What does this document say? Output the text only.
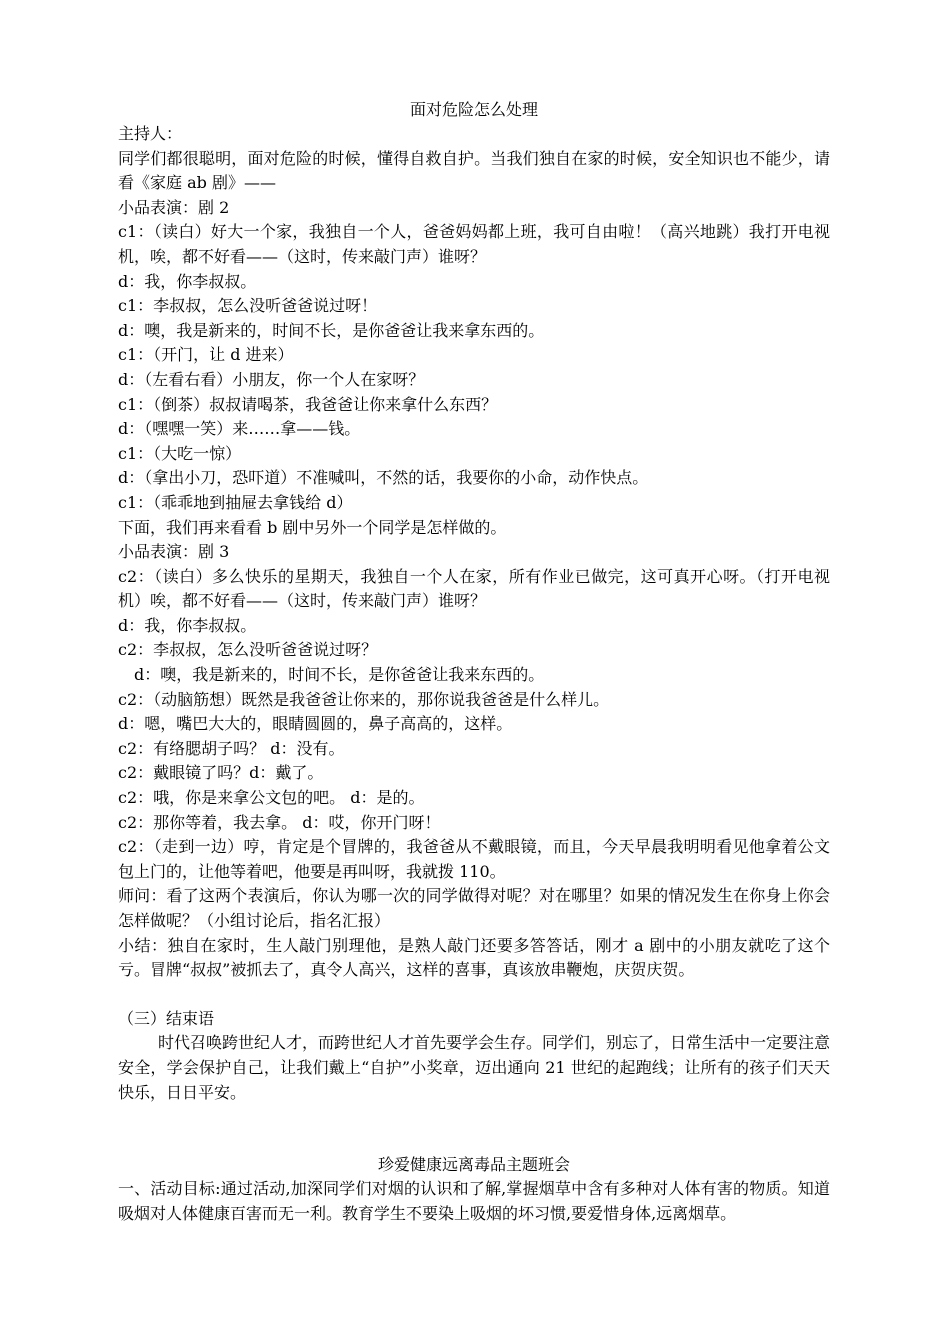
面对危险怎么处理

主持人：

同学们都很聪明，面对危险的时候，懂得自救自护。当我们独自在家的时候，安全知识也不能少，请看《家庭 ab 剧》——

小品表演：剧 2

c1：（读白）好大一个家，我独自一个人，爸爸妈妈都上班，我可自由啦！（高兴地跳）我打开电视机，唉，都不好看——（这时，传来敲门声）谁呀？

d：我，你李叔叔。

c1：李叔叔，怎么没听爸爸说过呀！

d：噢，我是新来的，时间不长，是你爸爸让我来拿东西的。

c1：（开门，让 d 进来）

d：（左看右看）小朋友，你一个人在家呀？

c1：（倒茶）叔叔请喝茶，我爸爸让你来拿什么东西？

d：（嘿嘿一笑）来……拿——钱。

c1：（大吃一惊）

d：（拿出小刀，恐吓道）不准喊叫，不然的话，我要你的小命，动作快点。

c1：（乖乖地到抽屉去拿钱给 d）

下面，我们再来看看 b 剧中另外一个同学是怎样做的。

小品表演：剧 3

c2：（读白）多么快乐的星期天，我独自一个人在家，所有作业已做完，这可真开心呀。（打开电视机）唉，都不好看——（这时，传来敲门声）谁呀？

d：我，你李叔叔。

c2：李叔叔，怎么没听爸爸说过呀？

d：噢，我是新来的，时间不长，是你爸爸让我来东西的。

c2：（动脑筋想）既然是我爸爸让你来的，那你说我爸爸是什么样儿。

d：嗯，嘴巴大大的，眼睛圆圆的，鼻子高高的，这样。

c2：有络腮胡子吗？ d：没有。

c2：戴眼镜了吗？d：戴了。

c2：哦，你是来拿公文包的吧。 d：是的。

c2：那你等着，我去拿。 d：哎，你开门呀！

c2：（走到一边）哼，肯定是个冒牌的，我爸爸从不戴眼镜，而且，今天早晨我明明看见他拿着公文包上门的，让他等着吧，他要是再叫呀，我就拨 110。

师问：看了这两个表演后，你认为哪一次的同学做得对呢？对在哪里？如果的情况发生在你身上你会怎样做呢？（小组讨论后，指名汇报）

小结：独自在家时，生人敲门别理他，是熟人敲门还要多答答话，刚才 a 剧中的小朋友就吃了这个亏。冒牌“叔叔”被抓去了，真令人高兴，这样的喜事，真该放串鞭炮，庆贺庆贺。

（三）结束语

时代召唤跨世纪人才，而跨世纪人才首先要学会生存。同学们，别忘了，日常生活中一定要注意安全，学会保护自己，让我们戴上“自护”小奖章，迈出通向 21 世纪的起跑线；让所有的孩子们天天快乐，日日平安。

珍爱健康远离毒品主题班会

一、活动目标:通过活动,加深同学们对烟的认识和了解,掌握烟草中含有多种对人体有害的物质。知道吸烟对人体健康百害而无一利。教育学生不要染上吸烟的坏习惯,要爱惜身体,远离烟草。
